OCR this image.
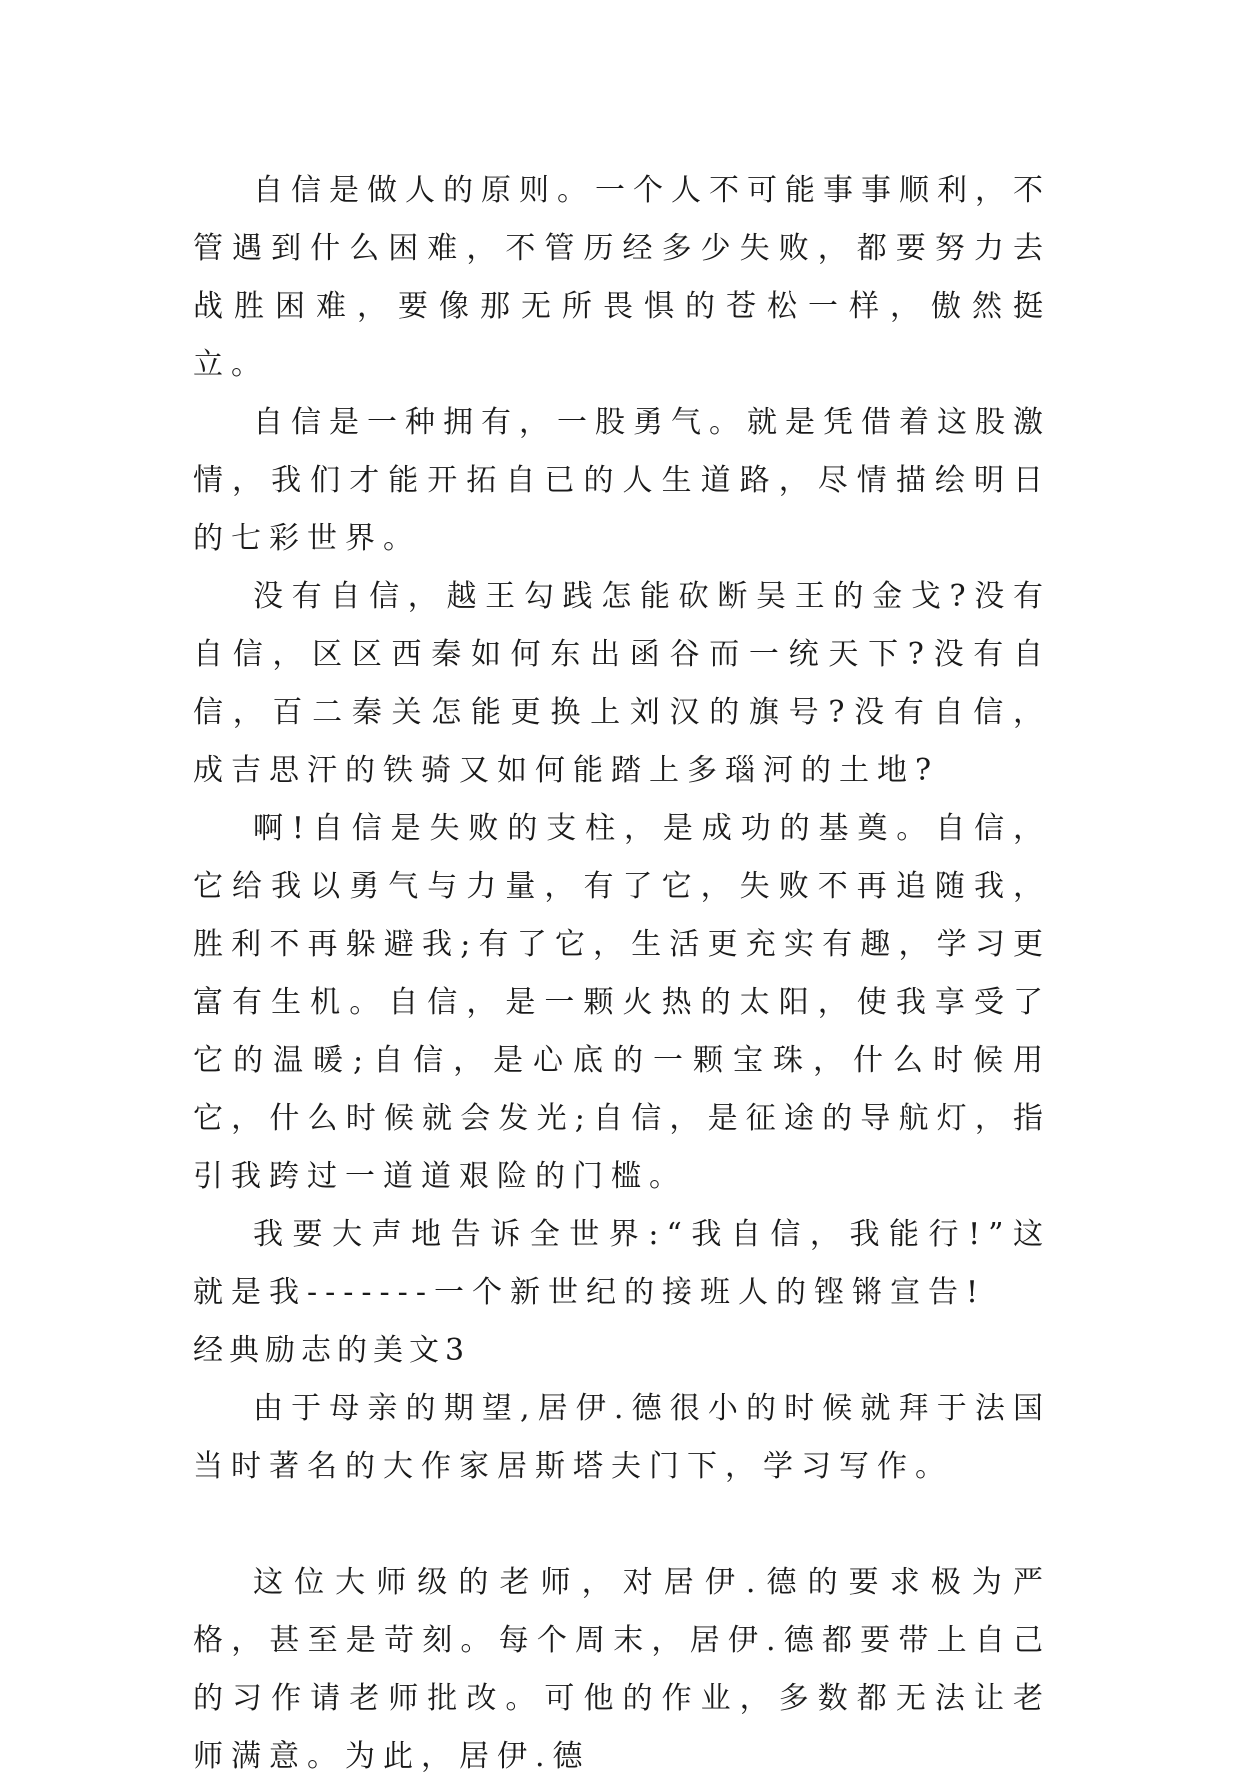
自信是做人的原则。一个人不可能事事顺利，不管遇到什么困难，不管历经多少失败，都要努力去战胜困难，要像那无所畏惧的苍松一样，傲然挺立。

自信是一种拥有，一股勇气。就是凭借着这股激情，我们才能开拓自已的人生道路，尽情描绘明日的七彩世界。

没有自信，越王勾践怎能砍断吴王的金戈?没有自信，区区西秦如何东出函谷而一统天下?没有自信，百二秦关怎能更换上刘汉的旗号?没有自信，成吉思汗的铁骑又如何能踏上多瑙河的土地?

啊!自信是失败的支柱，是成功的基奠。自信，它给我以勇气与力量，有了它，失败不再追随我，胜利不再躲避我;有了它，生活更充实有趣，学习更富有生机。自信，是一颗火热的太阳，使我享受了它的温暖;自信，是心底的一颗宝珠，什么时候用它，什么时候就会发光;自信，是征途的导航灯，指引我跨过一道道艰险的门槛。

我要大声地告诉全世界:“我自信，我能行!”这就是我-------一个新世纪的接班人的铿锵宣告!

经典励志的美文3

由于母亲的期望,居伊.德很小的时候就拜于法国当时著名的大作家居斯塔夫门下，学习写作。

这位大师级的老师，对居伊.德的要求极为严格，甚至是苛刻。每个周末，居伊.德都要带上自己的习作请老师批改。可他的作业，多数都无法让老师满意。为此，居伊.德
